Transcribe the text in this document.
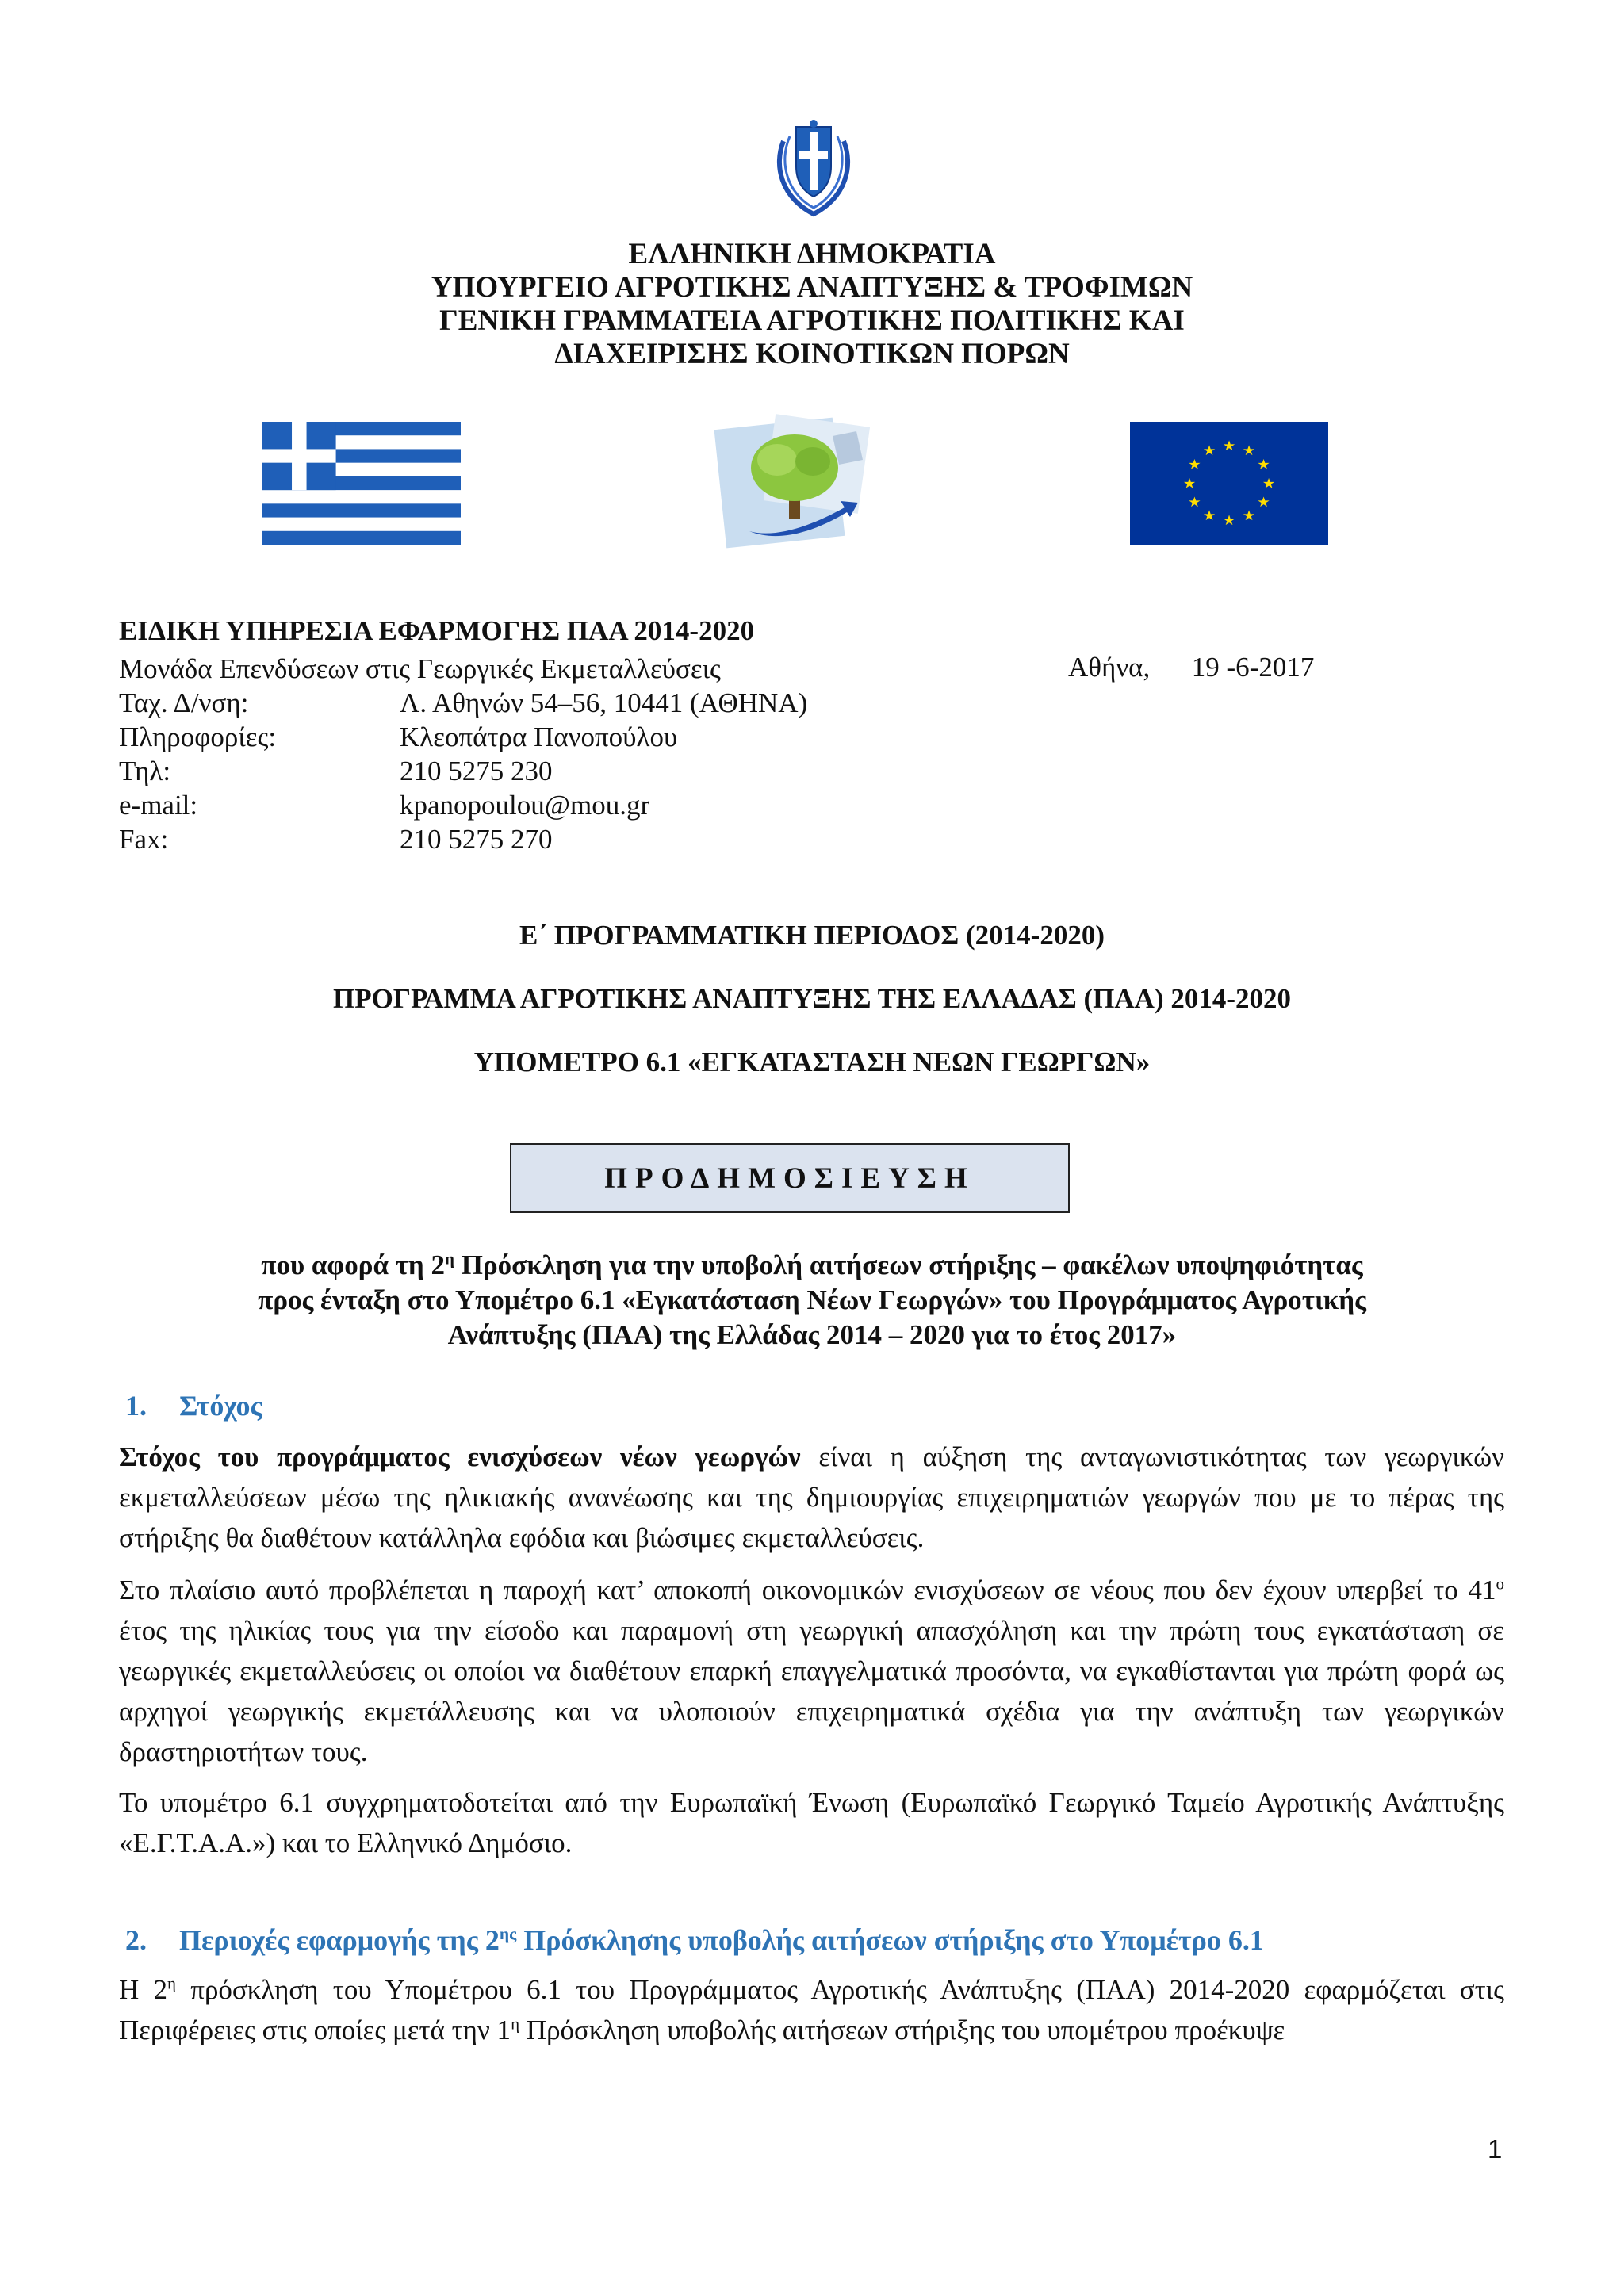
ΕΛΛΗΝΙΚΗ ΔΗΜΟΚΡΑΤΙΑ
ΥΠΟΥΡΓΕΙΟ ΑΓΡΟΤΙΚΗΣ ΑΝΑΠΤΥΞΗΣ & ΤΡΟΦΙΜΩΝ
ΓΕΝΙΚΗ ΓΡΑΜΜΑΤΕΙΑ ΑΓΡΟΤΙΚΗΣ ΠΟΛΙΤΙΚΗΣ ΚΑΙ
ΔΙΑΧΕΙΡΙΣΗΣ ΚΟΙΝΟΤΙΚΩΝ ΠΟΡΩΝ
★ ★
★
★
★
★
★
★
★
★
★
★
ΕΙΔΙΚΗ ΥΠΗΡΕΣΙΑ ΕΦΑΡΜΟΓΗΣ ΠΑΑ 2014-2020
Μονάδα Επενδύσεων στις Γεωργικές Εκμεταλλεύσεις
Ταχ. Δ/νση:	Λ. Αθηνών 54–56, 10441 (ΑΘΗΝΑ)
Πληροφορίες:	Κλεοπάτρα Πανοπούλου
Τηλ:	210 5275 230
e-mail:	kpanopoulou@mou.gr
Fax:	210 5275 270
Αθήνα, 19 -6-2017
Ε΄ ΠΡΟΓΡΑΜΜΑΤΙΚΗ ΠΕΡΙΟΔΟΣ (2014-2020)
ΠΡΟΓΡΑΜΜΑ ΑΓΡΟΤΙΚΗΣ ΑΝΑΠΤΥΞΗΣ ΤΗΣ ΕΛΛΑΔΑΣ (ΠΑΑ) 2014-2020
ΥΠΟΜΕΤΡΟ 6.1 «ΕΓΚΑΤΑΣΤΑΣΗ ΝΕΩΝ ΓΕΩΡΓΩΝ»
ΠΡΟΔΗΜΟΣΙΕΥΣΗ
που αφορά τη $2^\eta$ Πρόσκληση για την υποβολή αιτήσεων στήριξης – φακέλων υποψηφιότητας
προς ένταξη στο Υπομέτρο 6.1 «Εγκατάσταση Νέων Γεωργών» του Προγράμματος Αγροτικής
Ανάπτυξης (ΠΑΑ) της Ελλάδας 2014 – 2020 για το έτος 2017»
1. Στόχος
Στόχος του προγράμματος ενισχύσεων νέων γεωργών είναι η αύξηση της ανταγωνιστικότητας των γεωργικών εκμεταλλεύσεων μέσω της ηλικιακής ανανέωσης και της δημιουργίας επιχειρηματιών γεωργών που με το πέρας της στήριξης θα διαθέτουν κατάλληλα εφόδια και βιώσιμες εκμεταλλεύσεις.
Στο πλαίσιο αυτό προβλέπεται η παροχή κατ’ αποκοπή οικονομικών ενισχύσεων σε νέους που δεν έχουν υπερβεί το $41^o$ έτος της ηλικίας τους για την είσοδο και παραμονή στη γεωργική απασχόληση και την πρώτη τους εγκατάσταση σε γεωργικές εκμεταλλεύσεις οι οποίοι να διαθέτουν επαρκή επαγγελματικά προσόντα, να εγκαθίστανται για πρώτη φορά ως αρχηγοί γεωργικής εκμετάλλευσης και να υλοποιούν επιχειρηματικά σχέδια για την ανάπτυξη των γεωργικών δραστηριοτήτων τους.
Το υπομέτρο 6.1 συγχρηματοδοτείται από την Ευρωπαϊκή Ένωση (Ευρωπαϊκό Γεωργικό Ταμείο Αγροτικής Ανάπτυξης «Ε.Γ.Τ.Α.Α.») και το Ελληνικό Δημόσιο.
2. Περιοχές εφαρμογής της $2^{\eta\varsigma}$ Πρόσκλησης υποβολής αιτήσεων στήριξης στο Υπομέτρο 6.1
Η $2^\eta$ πρόσκληση του Υπομέτρου 6.1 του Προγράμματος Αγροτικής Ανάπτυξης (ΠΑΑ) 2014-2020 εφαρμόζεται στις Περιφέρειες στις οποίες μετά την $1^\eta$ Πρόσκληση υποβολής αιτήσεων στήριξης του υπομέτρου προέκυψε
1
